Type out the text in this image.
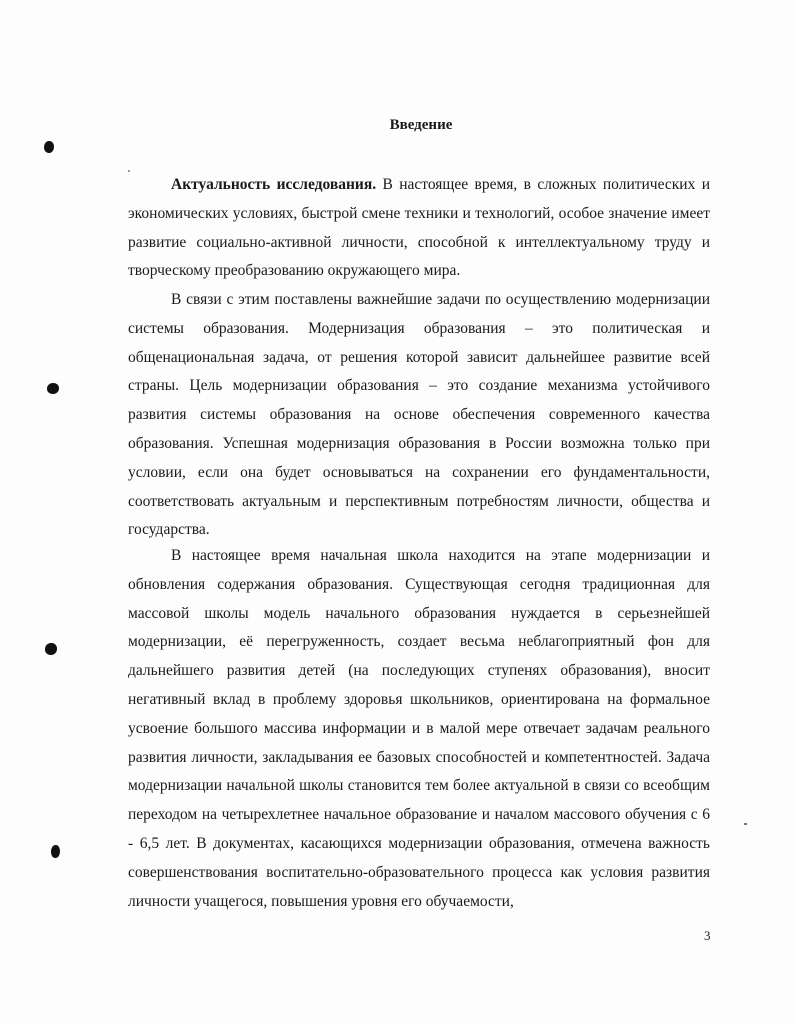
Введение

Актуальность исследования. В настоящее время, в сложных политических и экономических условиях, быстрой смене техники и технологий, особое значение имеет развитие социально-активной личности, способной к интеллектуальному труду и творческому преобразованию окружающего мира.

В связи с этим поставлены важнейшие задачи по осуществлению модернизации системы образования. Модернизация образования – это политическая и общенациональная задача, от решения которой зависит дальнейшее развитие всей страны. Цель модернизации образования – это создание механизма устойчивого развития системы образования на основе обеспечения современного качества образования. Успешная модернизация образования в России возможна только при условии, если она будет основываться на сохранении его фундаментальности, соответствовать актуальным и перспективным потребностям личности, общества и государства.

В настоящее время начальная школа находится на этапе модернизации и обновления содержания образования. Существующая сегодня традиционная для массовой школы модель начального образования нуждается в серьезнейшей модернизации, её перегруженность, создает весьма неблагоприятный фон для дальнейшего развития детей (на последующих ступенях образования), вносит негативный вклад в проблему здоровья школьников, ориентирована на формальное усвоение большого массива информации и в малой мере отвечает задачам реального развития личности, закладывания ее базовых способностей и компетентностей. Задача модернизации начальной школы становится тем более актуальной в связи со всеобщим переходом на четырехлетнее начальное образование и началом массового обучения с 6 - 6,5 лет. В документах, касающихся модернизации образования, отмечена важность совершенствования воспитательно-образовательного процесса как условия развития личности учащегося, повышения уровня его обучаемости,

3
